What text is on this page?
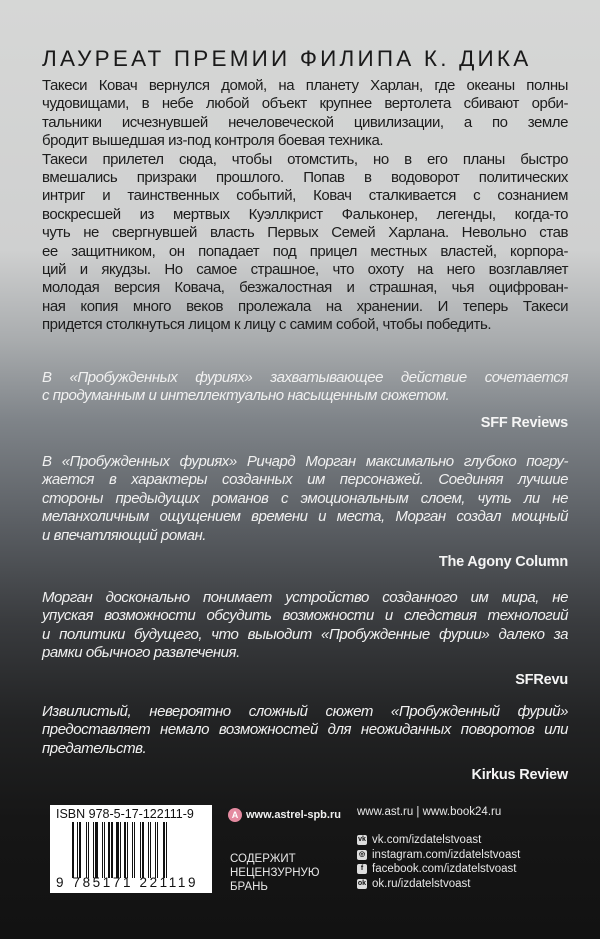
ЛАУРЕАТ ПРЕМИИ ФИЛИПА К. ДИКА
Такеси Ковач вернулся домой, на планету Харлан, где океаны полны
чудовищами, в небе любой объект крупнее вертолета сбивают орби-
тальники исчезнувшей нечеловеческой цивилизации, а по земле
бродит вышедшая из-под контроля боевая техника.
Такеси прилетел сюда, чтобы отомстить, но в его планы быстро
вмешались призраки прошлого. Попав в водоворот политических
интриг и таинственных событий, Ковач сталкивается с сознанием
воскресшей из мертвых Куэллкрист Фальконер, легенды, когда-то
чуть не свергнувшей власть Первых Семей Харлана. Невольно став
ее защитником, он попадает под прицел местных властей, корпора-
ций и якудзы. Но самое страшное, что охоту на него возглавляет
молодая версия Ковача, безжалостная и страшная, чья оцифрован-
ная копия много веков пролежала на хранении. И теперь Такеси
придется столкнуться лицом к лицу с самим собой, чтобы победить.
В «Пробужденных фуриях» захватывающее действие сочетается
с продуманным и интеллектуально насыщенным сюжетом.
SFF Reviews
В «Пробужденных фуриях» Ричард Морган максимально глубоко погру-
жается в характеры созданных им персонажей. Соединяя лучшие
стороны предыдущих романов с эмоциональным слоем, чуть ли не
меланхоличным ощущением времени и места, Морган создал мощный
и впечатляющий роман.
The Agony Column
Морган досконально понимает устройство созданного им мира, не
упуская возможности обсудить возможности и следствия технологий
и политики будущего, что выыодит «Пробужденные фурии» далеко за
рамки обычного развлечения.
SFRevu
Извилистый, невероятно сложный сюжет «Пробужденный фурий»
предоставляет немало возможностей для неожиданных поворотов или
предательств.
Kirkus Review
ISBN 978-5-17-122111-9
9 785171 221119
A www.astrel-spb.ru
СОДЕРЖИТ
НЕЦЕНЗУРНУЮ
БРАНЬ
www.ast.ru | www.book24.ru
vk vk.com/izdatelstvoast
◎ instagram.com/izdatelstvoast
f facebook.com/izdatelstvoast
ok ok.ru/izdatelstvoast
